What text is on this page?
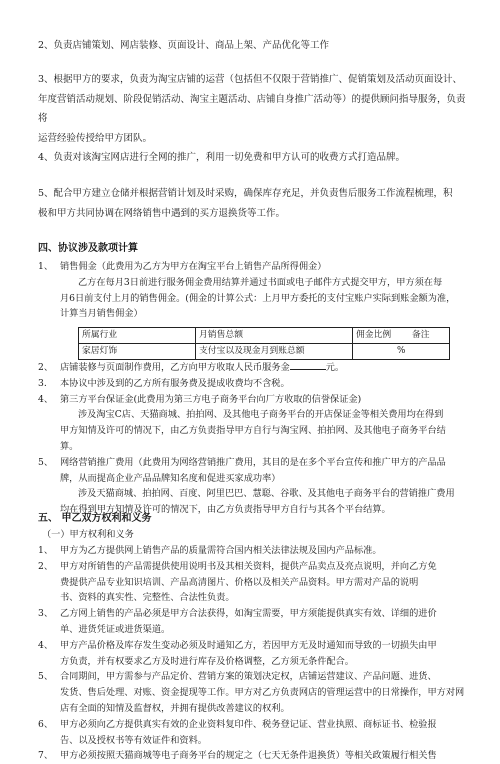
2、负责店铺策划、网店装修、页面设计、商品上架、产品优化等工作

3、根据甲方的要求，负责为淘宝店铺的运营（包括但不仅限于营销推广、促销策划及活动页面设计、

年度营销活动规划、阶段促销活动、淘宝主题活动、店铺自身推广活动等）的提供顾问指导服务，负责将

运营经验传授给甲方团队。

4、负责对该淘宝网店进行全网的推广，利用一切免费和甲方认可的收费方式打造品牌。

5、配合甲方建立仓储并根据营销计划及时采购，确保库存充足，并负责售后服务工作流程梳理，积

极和甲方共同协调在网络销售中遇到的买方退换货等工作。

四、协议涉及款项计算
1、 销售佣金（此费用为乙方为甲方在淘宝平台上销售产品所得佣金）

乙方在每月3日前进行服务佣金费用结算并通过书面或电子邮件方式提交甲方，甲方须在每

月6日前支付上月的销售佣金。(佣金的计算公式：上月甲方委托的支付宝账户实际到账金额为准，

计算当月销售佣金）

所属行业	月销售总额	佣金比例 备注
家居灯饰	支付宝以及现金月到账总额	%
2、 店铺装修与页面制作费用，乙方向甲方收取人民币服务金	元。

3. 本协议中涉及到的乙方所有服务费及提成收费均不含税。

4、 第三方平台保证金(此费用为第三方电子商务平台向厂方收取的信誉保证金)

涉及淘宝C店、天猫商城、拍拍网、及其他电子商务平台的开店保证金等相关费用均在得到

甲方知情及许可的情况下，由乙方负责指导甲方自行与淘宝网、拍拍网、及其他电子商务平台结

算。

5、 网络营销推广费用（此费用为网络营销推广费用，其目的是在多个平台宣传和推广甲方的产品品

牌，从而提高企业产品品牌知名度和促进买家成功率）

涉及天猫商城、拍拍网、百度、阿里巴巴、慧聪、谷歌、及其他电子商务平台的营销推广费用

均在得到甲方知情及许可的情况下，由乙方负责指导甲方自行与其各个平台结算。

五、 甲乙双方权利和义务
（一）甲方权利和义务
1、 甲方为乙方提供网上销售产品的质量需符合国内相关法律法规及国内产品标准。

2、 甲方对所销售的产品需提供使用说明书及其相关资料，提供产品卖点及亮点说明，并向乙方免

费提供产品专业知识培训、产品高清图片、价格以及相关产品资料。甲方需对产品的说明

书、资料的真实性、完整性、合法性负责。

3、 乙方网上销售的产品必须是甲方合法获得，如淘宝需要，甲方须能提供真实有效、详细的进价

单、进货凭证或进货渠道。

4、 甲方产品价格及库存发生变动必须及时通知乙方，若因甲方无及时通知而导致的一切损失由甲

方负责，并有权要求乙方及时进行库存及价格调整，乙方须无条件配合。

5、 合同期间，甲方需参与产品定价、营销方案的策划决定权，店铺运营建议、产品问题、进货、

发货、售后处理、对账、资金提现等工作。甲方对乙方负责网店的管理运营中的日常操作，甲方对网

店有全面的知情及监督权，并拥有提供改善建议的权利。

6、 甲方必须向乙方提供真实有效的企业资料复印件、税务登记证、营业执照、商标证书、检验报

告、以及授权书等有效证件和资料。

7、 甲方必须按照天猫商城等电子商务平台的规定之（七天无条件退换货）等相关政策履行相关售
